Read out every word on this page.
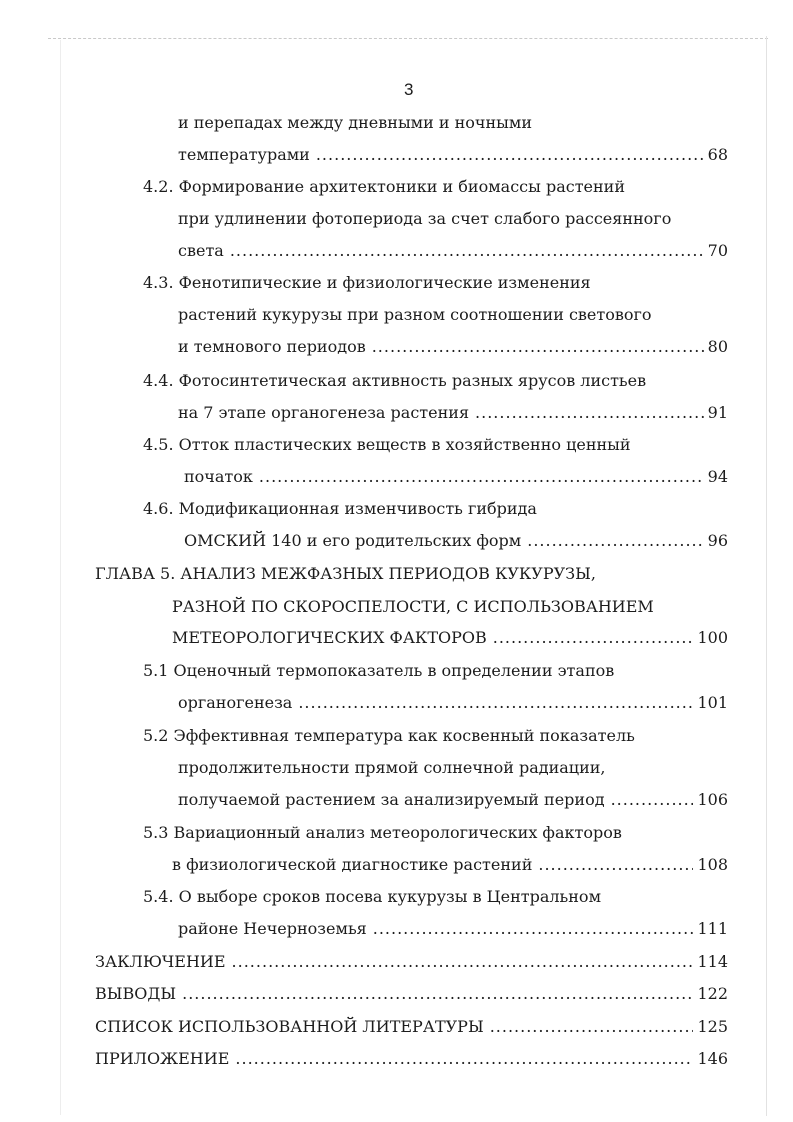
3
и перепадах между дневными и ночными
температурами .....	68
4.2. Формирование архитектоники и биомассы растений
при удлинении фотопериода за счет слабого рассеянного
света .....	70
4.3. Фенотипические и физиологические изменения
растений кукурузы при разном соотношении светового
и темнового периодов .....	80
4.4. Фотосинтетическая активность разных ярусов листьев
на 7 этапе органогенеза растения .....	91
4.5. Отток пластических веществ в хозяйственно ценный
початок .....	94
4.6. Модификационная изменчивость гибрида
ОМСКИЙ 140 и его родительских форм .....	96
ГЛАВА 5. АНАЛИЗ МЕЖФАЗНЫХ ПЕРИОДОВ КУКУРУЗЫ,
РАЗНОЙ ПО СКОРОСПЕЛОСТИ, С ИСПОЛЬЗОВАНИЕМ
МЕТЕОРОЛОГИЧЕСКИХ ФАКТОРОВ .....	100
5.1 Оценочный термопоказатель в определении этапов
органогенеза .....	101
5.2 Эффективная температура как косвенный показатель
продолжительности прямой солнечной радиации,
получаемой растением за анализируемый период .....	106
5.3 Вариационный анализ метеорологических факторов
в физиологической диагностике растений .....	108
5.4. О выборе сроков посева кукурузы в Центральном
районе Нечерноземья .....	111
ЗАКЛЮЧЕНИЕ .....	114
ВЫВОДЫ .....	122
СПИСОК ИСПОЛЬЗОВАННОЙ ЛИТЕРАТУРЫ .....	125
ПРИЛОЖЕНИЕ .....	146
